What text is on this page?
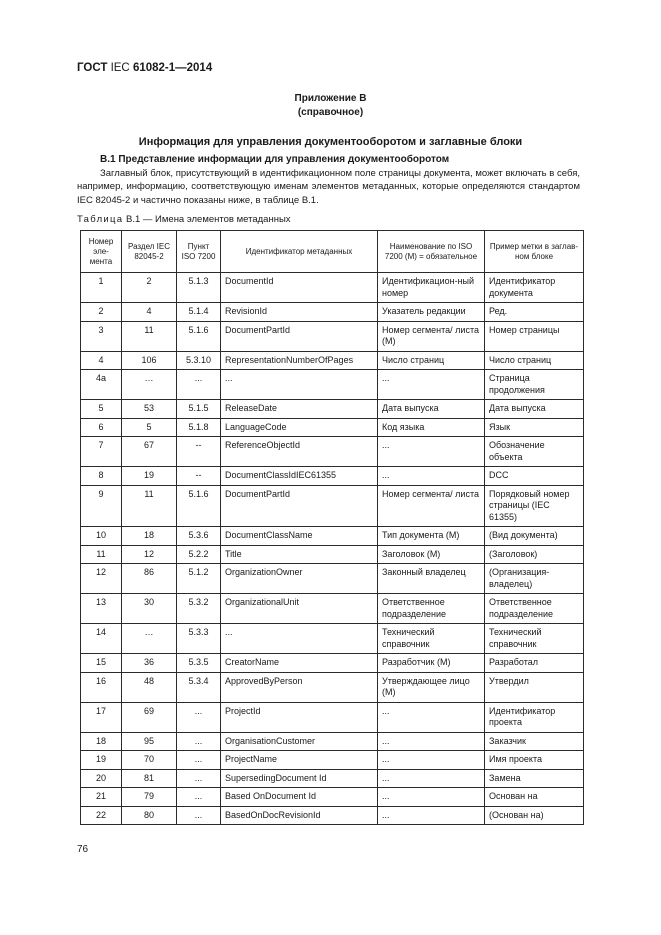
ГОСТ IEC 61082-1—2014
Приложение В
(справочное)
Информация для управления документооборотом и заглавные блоки
В.1 Представление информации для управления документооборотом
Заглавный блок, присутствующий в идентификационном поле страницы документа, может включать в себя, например, информацию, соответствующую именам элементов метаданных, которые определяются стандартом IEC 82045-2 и частично показаны ниже, в таблице В.1.
Таблица В.1 — Имена элементов метаданных
Номер эле-мента	Раздел IEC 82045-2	Пункт ISO 7200	Идентификатор метаданных	Наименование по ISO 7200 (М) = обязательное	Пример метки в заглав-ном блоке
1	2	5.1.3	DocumentId	Идентификацион-ный номер	Идентификатор документа
2	4	5.1.4	RevisionId	Указатель редакции	Ред.
3	11	5.1.6	DocumentPartId	Номер сегмента/ листа (М)	Номер страницы
4	106	5.3.10	RepresentationNumberOfPages	Число страниц	Число страниц
4а	…	...	...	...	Страница продолжения
5	53	5.1.5	ReleaseDate	Дата выпуска	Дата выпуска
6	5	5.1.8	LanguageCode	Код языка	Язык
7	67	--	ReferenceObjectId	...	Обозначение объекта
8	19	--	DocumentClassIdIEC61355	...	DCC
9	11	5.1.6	DocumentPartId	Номер сегмента/ листа	Порядковый номер страницы (IEC 61355)
10	18	5.3.6	DocumentClassName	Тип документа (М)	(Вид документа)
11	12	5.2.2	Title	Заголовок (М)	(Заголовок)
12	86	5.1.2	OrganizationOwner	Законный владелец	(Организация-владелец)
13	30	5.3.2	OrganizationalUnit	Ответственное подразделение	Ответственное подразделение
14	…	5.3.3	...	Технический справочник	Технический справочник
15	36	5.3.5	CreatorName	Разработчик (М)	Разработал
16	48	5.3.4	ApprovedByPerson	Утверждающее лицо (М)	Утвердил
17	69	...	ProjectId	...	Идентификатор проекта
18	95	...	OrganisationCustomer	...	Заказчик
19	70	...	ProjectName	...	Имя проекта
20	81	...	SupersedingDocument Id	...	Замена
21	79	...	Based OnDocument Id	...	Основан на
22	80	...	BasedOnDocRevisionId	...	(Основан на)
76
